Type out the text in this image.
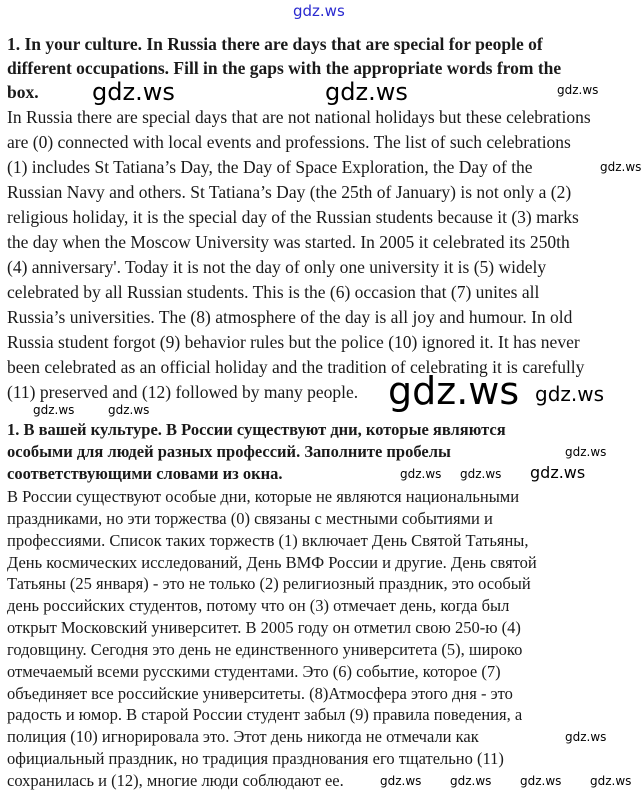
1. In your culture. In Russia there are days that are special for people of
different occupations. Fill in the gaps with the appropriate words from the
box.
In Russia there are special days that are not national holidays but these celebrations
are (0) connected with local events and professions. The list of such celebrations
(1) includes St Tatiana’s Day, the Day of Space Exploration, the Day of the
Russian Navy and others. St Tatiana’s Day (the 25th of January) is not only a (2)
religious holiday, it is the special day of the Russian students because it (3) marks
the day when the Moscow University was started. In 2005 it celebrated its 250th
(4) anniversary'. Today it is not the day of only one university it is (5) widely
celebrated by all Russian students. This is the (6) occasion that (7) unites all
Russia’s universities. The (8) atmosphere of the day is all joy and humour. In old
Russia student forgot (9) behavior rules but the police (10) ignored it. It has never
been celebrated as an official holiday and the tradition of celebrating it is carefully
(11) preserved and (12) followed by many people.
1. В вашей культуре. В России существуют дни, которые являются
особыми для людей разных профессий. Заполните пробелы
соответствующими словами из окна.
В России существуют особые дни, которые не являются национальными
праздниками, но эти торжества (0) связаны с местными событиями и
профессиями. Список таких торжеств (1) включает День Святой Татьяны,
День космических исследований, День ВМФ России и другие. День святой
Татьяны (25 января) - это не только (2) религиозный праздник, это особый
день российских студентов, потому что он (3) отмечает день, когда был
открыт Московский университет. В 2005 году он отметил свою 250-ю (4)
годовщину. Сегодня это день не единственного университета (5), широко
отмечаемый всеми русскими студентами. Это (6) событие, которое (7)
объединяет все российские университеты. (8)Атмосфера этого дня - это
радость и юмор. В старой России студент забыл (9) правила поведения, а
полиция (10) игнорировала это. Этот день никогда не отмечали как
официальный праздник, но традиция празднования его тщательно (11)
сохранилась и (12), многие люди соблюдают ее.
gdz.ws
gdz.ws	gdz.ws	gdz.ws
gdz.ws
gdz.ws	gdz.ws	gdz.ws gdz.ws
gdz.ws
gdz.ws gdz.ws gdz.ws
gdz.ws
gdz.ws gdz.ws gdz.ws gdz.ws
